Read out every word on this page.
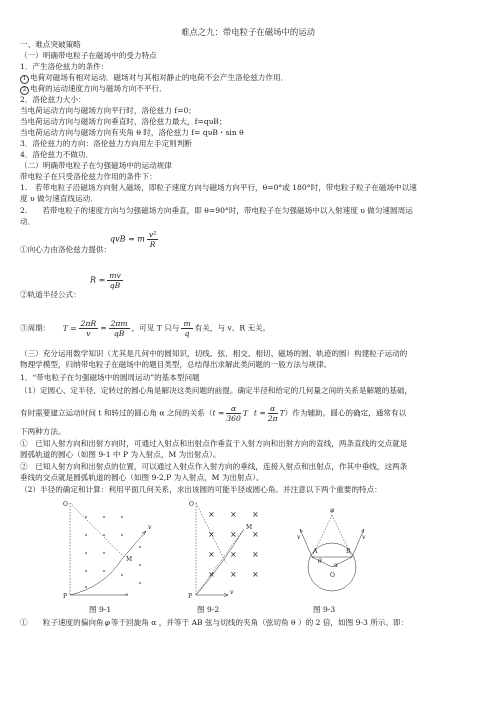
难点之九：带电粒子在磁场中的运动
一、难点突破策略
（一）明确带电粒子在磁场中的受力特点
1．产生洛伦兹力的条件：
1 电荷对磁场有相对运动．磁场对与其相对静止的电荷不会产生洛伦兹力作用．
2 电荷的运动速度方向与磁场方向不平行．
2．洛伦兹力大小：
当电荷运动方向与磁场方向平行时，洛伦兹力 f=0；
当电荷运动方向与磁场方向垂直时，洛伦兹力最大，f=qυB；
当电荷运动方向与磁场方向有夹角 θ 时，洛伦兹力 f= qυB・sin θ
3．洛伦兹力的方向：洛伦兹力方向用左手定则判断
4．洛伦兹力不做功．
（二）明确带电粒子在匀强磁场中的运动规律
带电粒子在只受洛伦兹力作用的条件下：
1.　若带电粒子沿磁场方向射入磁场，即粒子速度方向与磁场方向平行，θ=0°或 180°时，带电粒子粒子在磁场中以速
度 υ 做匀速直线运动．
2.　　若带电粒子的速度方向与匀强磁场方向垂直，即 θ=90°时，带电粒子在匀强磁场中以入射速度 υ 做匀速圆周运
动．
qvB = m $\frac{\text{v²}}{R}$
①向心力由洛伦兹力提供：
$R = \frac{mv}{qB}$
②轨道半径公式：
③周期： $T = \frac{2\pi R}{v} = \frac{2\pi m}{qB}$ ，可见 T 只与 $\frac{m}{q}$ 有关，与 v、R 无关。
（三）充分运用数学知识（尤其是几何中的圆知识，切线、弦、相交、相切、磁场的圆、轨迹的圆）构建粒子运动的
物理学模型，归纳带电粒子在磁场中的题目类型，总结得出求解此类问题的一般方法与规律。
1．“带电粒子在匀强磁场中的圆周运动”的基本型问题
（1）定圆心、定半径、定转过的圆心角是解决这类问题的前提。确定半径和给定的几何量之间的关系是解题的基础，
有时需要建立运动时间 t 和转过的圆心角 α 之间的关系（$t = \frac{\alpha}{360}$ T $t = \frac{\alpha}{2\pi} T$）作为辅助。圆心的确定，通常有以
下两种方法。
①　已知入射方向和出射方向时，可通过入射点和出射点作垂直于入射方向和出射方向的直线，两条直线的交点就是
圆弧轨道的圆心（如图 9-1 中 P 为入射点，M 为出射点）。
②　已知入射方向和出射点的位置，可以通过入射点作入射方向的垂线，连接入射点和出射点，作其中垂线，这两条
垂线的交点就是圆弧轨道的圆心（如图 9-2,P 为入射点，M 为出射点）。
（2）半径的确定和计算：利用平面几何关系，求出该圆的可能半径或圆心角。并注意以下两个重要的特点：
O
v
M
P
图 9-1
× × ×
× × ×
× × ×
× × ×
O
M
P
v
图 9-2
A	B
O
θ
α
φ
v	v
图 9-3
①　　粒子速度的偏向角φ等于回旋角 α ，并等于 AB 弦与切线的夹角（弦切角 θ ）的 2 倍，如图 9-3 所示。即：
